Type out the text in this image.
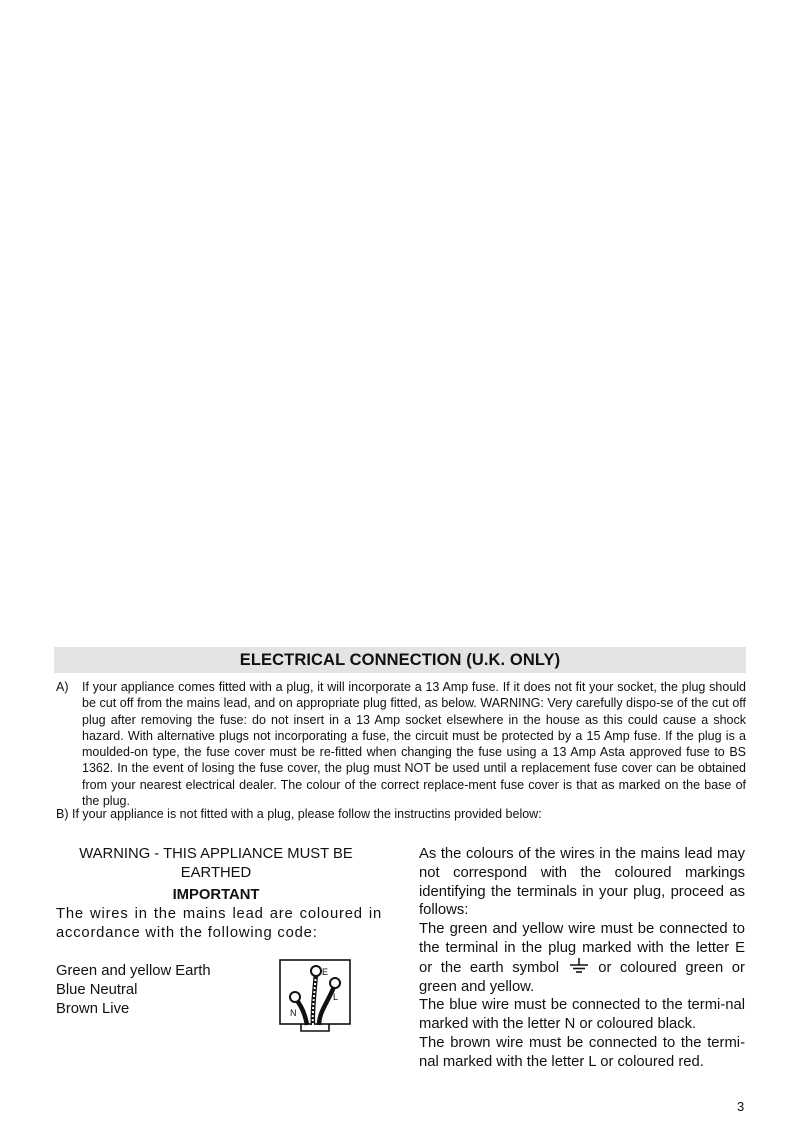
ELECTRICAL CONNECTION (U.K. ONLY)
A) If your appliance comes fitted with a plug, it will incorporate a 13 Amp fuse. If it does not fit your socket, the plug should be cut off from the mains lead, and on appropriate plug fitted, as below. WARNING: Very carefully dispo-se of the cut off plug after removing the fuse: do not insert in a 13 Amp socket elsewhere in the house as this could cause a shock hazard. With alternative plugs not incorporating a fuse, the circuit must be protected by a 15 Amp fuse. If the plug is a moulded-on type, the fuse cover must be re-fitted when changing the fuse using a 13 Amp Asta approved fuse to BS 1362. In the event of losing the fuse cover, the plug must NOT be used until a replacement fuse cover can be obtained from your nearest electrical dealer. The colour of the correct replace-ment fuse cover is that as marked on the base of the plug.
B) If your appliance is not fitted with a plug, please follow the instructins provided below:
WARNING - THIS APPLIANCE MUST BE
EARTHED
IMPORTANT
The wires in the mains lead are coloured in accordance with the following code:
Green and yellow Earth
Blue Neutral
Brown Live
E
L
N

As the colours of the wires in the mains lead may not correspond with the coloured markings identifying the terminals in your plug, proceed as follows:

The green and yellow wire must be connected to the terminal in the plug marked with the letter E or the earth symbol	or coloured green or green and yellow.

The blue wire must be connected to the termi-nal marked with the letter N or coloured black.

The brown wire must be connected to the termi-nal marked with the letter L or coloured red.

3
